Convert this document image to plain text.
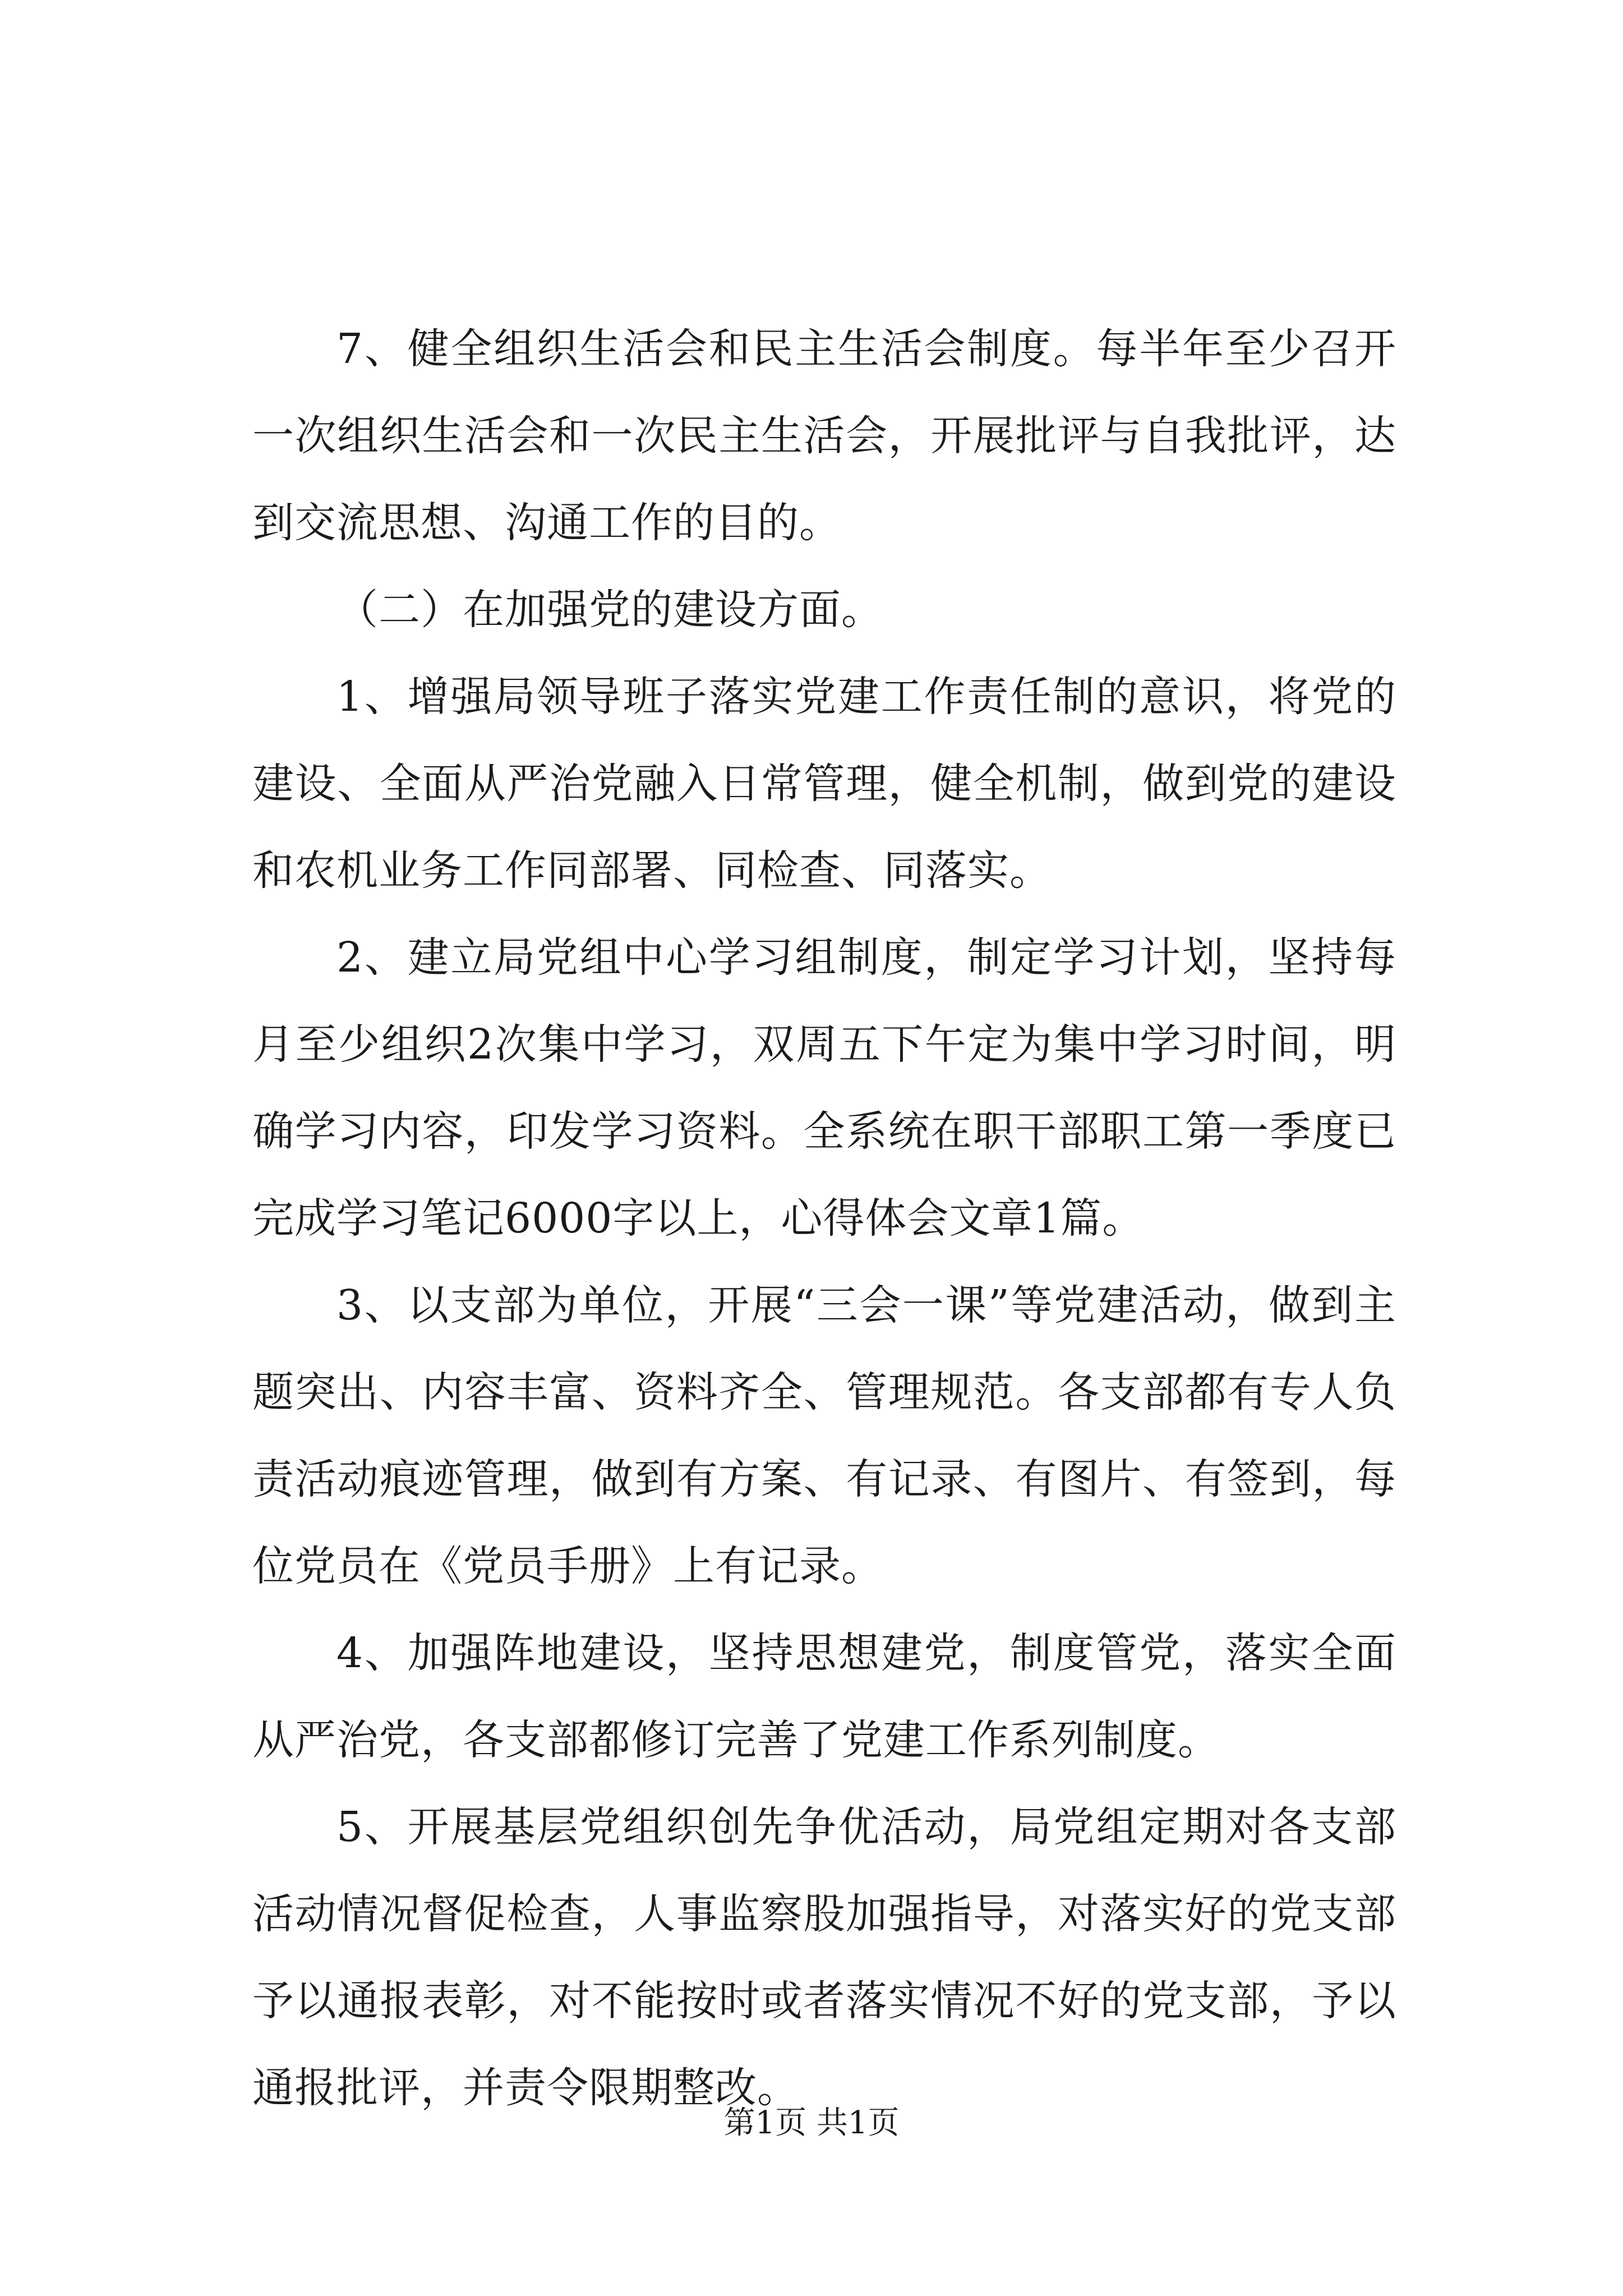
7、健全组织生活会和民主生活会制度。每半年至少召开一次组织生活会和一次民主生活会，开展批评与自我批评，达到交流思想、沟通工作的目的。

（二）在加强党的建设方面。

1、增强局领导班子落实党建工作责任制的意识，将党的建设、全面从严治党融入日常管理，健全机制，做到党的建设和农机业务工作同部署、同检查、同落实。

2、建立局党组中心学习组制度，制定学习计划，坚持每月至少组织2次集中学习，双周五下午定为集中学习时间，明确学习内容，印发学习资料。全系统在职干部职工第一季度已完成学习笔记6000字以上，心得体会文章1篇。

3、以支部为单位，开展“三会一课”等党建活动，做到主题突出、内容丰富、资料齐全、管理规范。各支部都有专人负责活动痕迹管理，做到有方案、有记录、有图片、有签到，每位党员在《党员手册》上有记录。

4、加强阵地建设，坚持思想建党，制度管党，落实全面从严治党，各支部都修订完善了党建工作系列制度。

5、开展基层党组织创先争优活动，局党组定期对各支部活动情况督促检查，人事监察股加强指导，对落实好的党支部予以通报表彰，对不能按时或者落实情况不好的党支部，予以通报批评，并责令限期整改。

第1页 共1页
